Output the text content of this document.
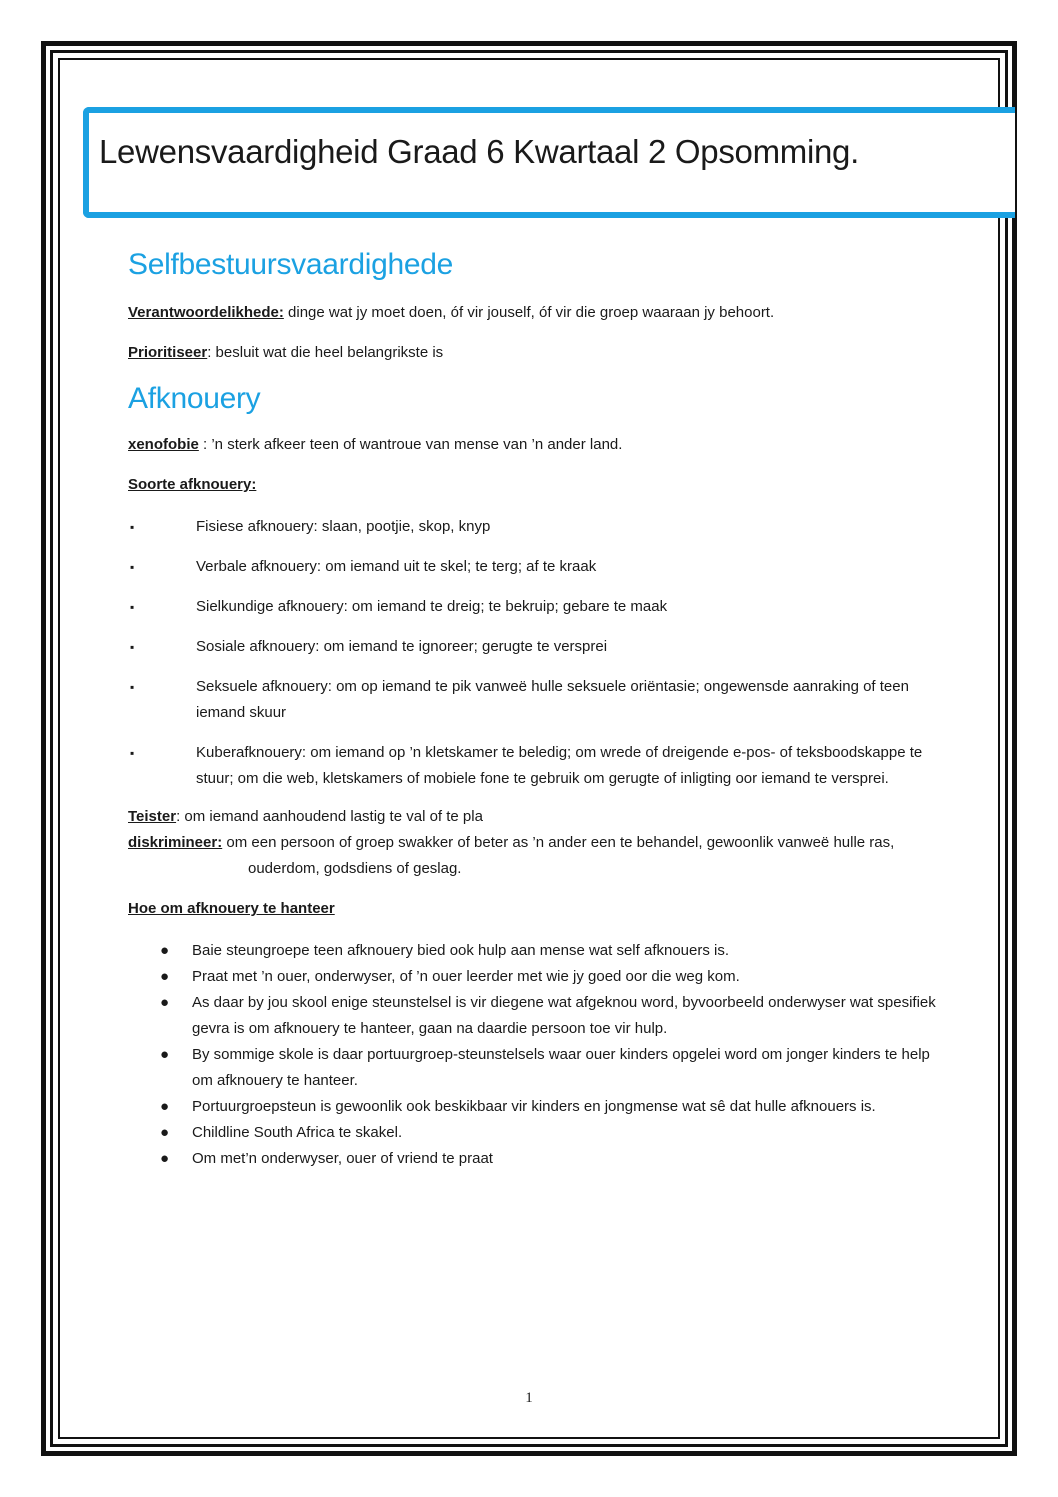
Lewensvaardigheid Graad 6 Kwartaal 2 Opsomming.
Selfbestuursvaardighede

Verantwoordelikhede: dinge wat jy moet doen, óf vir jouself, óf vir die groep waaraan jy behoort.

Prioritiseer: besluit wat die heel belangrikste is

Afknouery

xenofobie : ’n sterk afkeer teen of wantroue van mense van ’n ander land.

Soorte afknouery:

▪	Fisiese afknouery: slaan, pootjie, skop, knyp
▪	Verbale afknouery: om iemand uit te skel; te terg; af te kraak
▪	Sielkundige afknouery: om iemand te dreig; te bekruip; gebare te maak
▪	Sosiale afknouery: om iemand te ignoreer; gerugte te versprei
▪	Seksuele afknouery: om op iemand te pik vanweë hulle seksuele oriëntasie; ongewensde aanraking of teen iemand skuur
▪	Kuberafknouery: om iemand op ’n kletskamer te beledig; om wrede of dreigende e-pos- of teksboodskappe te stuur; om die web, kletskamers of mobiele fone te gebruik om gerugte of inligting oor iemand te versprei.

Teister: om iemand aanhoudend lastig te val of te pla

diskrimineer: om een persoon of groep swakker of beter as ’n ander een te behandel, gewoonlik vanweë hulle ras, ouderdom, godsdiens of geslag.

Hoe om afknouery te hanteer

● Baie steungroepe teen afknouery bied ook hulp aan mense wat self afknouers is.
● Praat met ’n ouer, onderwyser, of ’n ouer leerder met wie jy goed oor die weg kom.
● As daar by jou skool enige steunstelsel is vir diegene wat afgeknou word, byvoorbeeld onderwyser wat spesifiek gevra is om afknouery te hanteer, gaan na daardie persoon toe vir hulp.
● By sommige skole is daar portuurgroep-steunstelsels waar ouer kinders opgelei word om jonger kinders te help om afknouery te hanteer.
● Portuurgroepsteun is gewoonlik ook beskikbaar vir kinders en jongmense wat sê dat hulle afknouers is.
● Childline South Africa te skakel.
● Om met’n onderwyser, ouer of vriend te praat
1
